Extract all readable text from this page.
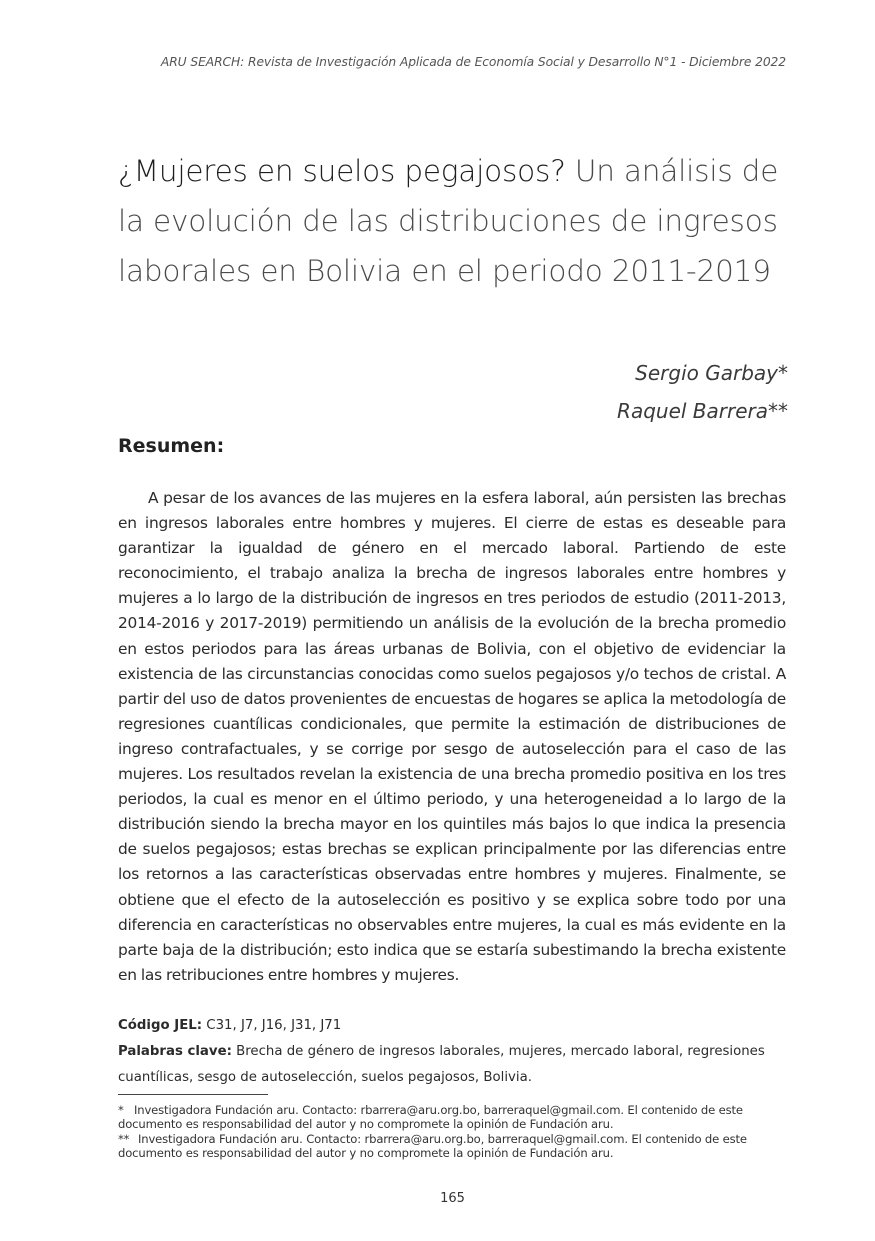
ARU SEARCH: Revista de Investigación Aplicada de Economía Social y Desarrollo N°1 - Diciembre 2022
¿Mujeres en suelos pegajosos? Un análisis de la evolución de las distribuciones de ingresos laborales en Bolivia en el periodo 2011-2019
Sergio Garbay*
Raquel Barrera**
Resumen:

A pesar de los avances de las mujeres en la esfera laboral, aún persisten las brechas en ingresos laborales entre hombres y mujeres. El cierre de estas es deseable para garantizar la igualdad de género en el mercado laboral. Partiendo de este reconocimiento, el trabajo analiza la brecha de ingresos laborales entre hombres y mujeres a lo largo de la distribución de ingresos en tres periodos de estudio (2011-2013, 2014-2016 y 2017-2019) permitiendo un análisis de la evolución de la brecha promedio en estos periodos para las áreas urbanas de Bolivia, con el objetivo de evidenciar la existencia de las circunstancias conocidas como suelos pegajosos y/o techos de cristal. A partir del uso de datos provenientes de encuestas de hogares se aplica la metodología de regresiones cuantílicas condicionales, que permite la estimación de distribuciones de ingreso contrafactuales, y se corrige por sesgo de autoselección para el caso de las mujeres. Los resultados revelan la existencia de una brecha promedio positiva en los tres periodos, la cual es menor en el último periodo, y una heterogeneidad a lo largo de la distribución siendo la brecha mayor en los quintiles más bajos lo que indica la presencia de suelos pegajosos; estas brechas se explican principalmente por las diferencias entre los retornos a las características observadas entre hombres y mujeres. Finalmente, se obtiene que el efecto de la autoselección es positivo y se explica sobre todo por una diferencia en características no observables entre mujeres, la cual es más evidente en la parte baja de la distribución; esto indica que se estaría subestimando la brecha existente en las retribuciones entre hombres y mujeres.

Código JEL: C31, J7, J16, J31, J71

Palabras clave: Brecha de género de ingresos laborales, mujeres, mercado laboral, regresiones cuantílicas, sesgo de autoselección, suelos pegajosos, Bolivia.

* Investigadora Fundación aru. Contacto: rbarrera@aru.org.bo, barreraquel@gmail.com. El contenido de este documento es responsabilidad del autor y no compromete la opinión de Fundación aru.

** Investigadora Fundación aru. Contacto: rbarrera@aru.org.bo, barreraquel@gmail.com. El contenido de este documento es responsabilidad del autor y no compromete la opinión de Fundación aru.

165
